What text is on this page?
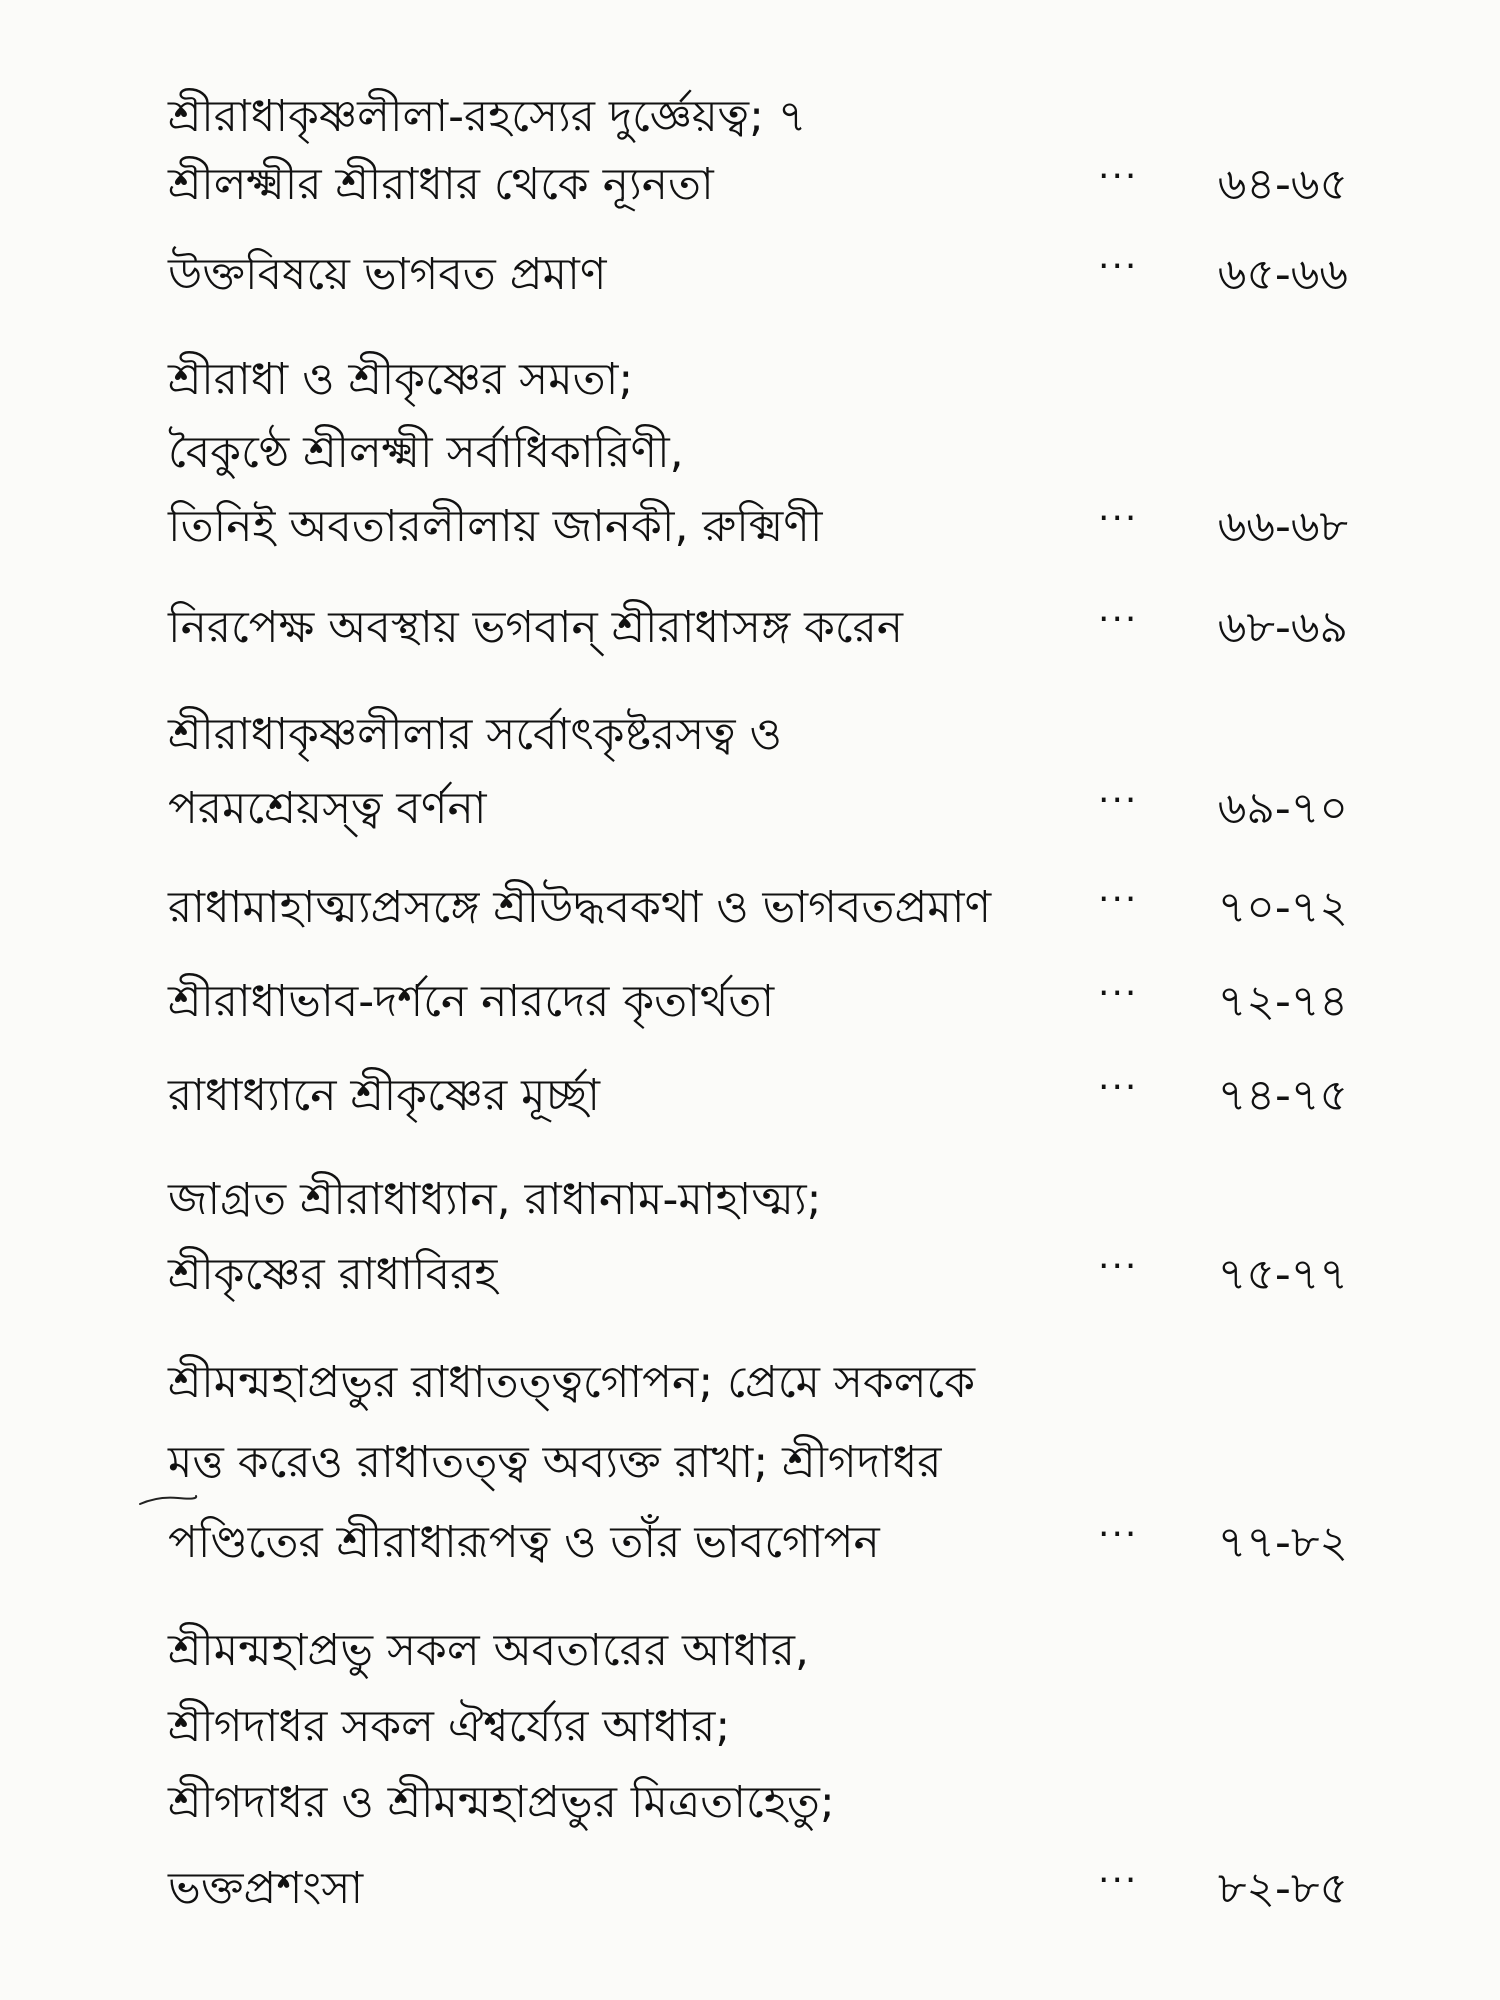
শ্রীরাধাকৃষ্ণলীলা-রহস্যের দুর্জ্ঞেয়ত্ব; ৭
শ্রীলক্ষ্মীর শ্রীরাধার থেকে ন্যূনতা	··· ৬৪-৬৫
উক্তবিষয়ে ভাগবত প্রমাণ	··· ৬৫-৬৬
শ্রীরাধা ও শ্রীকৃষ্ণের সমতা;
বৈকুণ্ঠে শ্রীলক্ষ্মী সর্বাধিকারিণী,
তিনিই অবতারলীলায় জানকী, রুক্মিণী	··· ৬৬-৬৮
নিরপেক্ষ অবস্থায় ভগবান্ শ্রীরাধাসঙ্গ করেন	··· ৬৮-৬৯
শ্রীরাধাকৃষ্ণলীলার সর্বোৎকৃষ্টরসত্ব ও
পরমশ্রেয়স্ত্ব বর্ণনা	··· ৬৯-৭০
রাধামাহাত্ম্যপ্রসঙ্গে শ্রীউদ্ধবকথা ও ভাগবতপ্রমাণ	··· ৭০-৭২
শ্রীরাধাভাব-দর্শনে নারদের কৃতার্থতা	··· ৭২-৭৪
রাধাধ্যানে শ্রীকৃষ্ণের মূর্চ্ছা	··· ৭৪-৭৫
জাগ্রত শ্রীরাধাধ্যান, রাধানাম-মাহাত্ম্য;
শ্রীকৃষ্ণের রাধাবিরহ	··· ৭৫-৭৭
শ্রীমন্মহাপ্রভুর রাধাতত্ত্বগোপন; প্রেমে সকলকে
মত্ত করেও রাধাতত্ত্ব অব্যক্ত রাখা; শ্রীগদাধর
পণ্ডিতের শ্রীরাধারূপত্ব ও তাঁর ভাবগোপন	··· ৭৭-৮২
শ্রীমন্মহাপ্রভু সকল অবতারের আধার,
শ্রীগদাধর সকল ঐশ্বর্য্যের আধার;
শ্রীগদাধর ও শ্রীমন্মহাপ্রভুর মিত্রতাহেতু;
ভক্তপ্রশংসা	··· ৮২-৮৫
